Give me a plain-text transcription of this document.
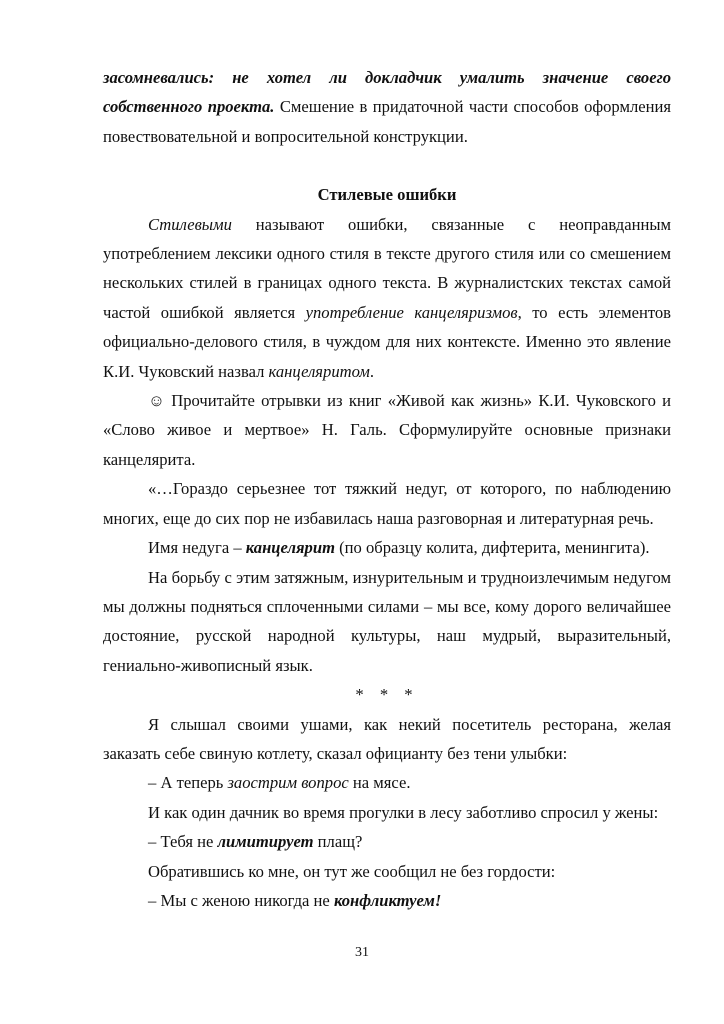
засомневались: не хотел ли докладчик умалить значение своего собственного проекта. Смешение в придаточной части способов оформления повествовательной и вопросительной конструкции.

Стилевые ошибки

Стилевыми называют ошибки, связанные с неоправданным употреблением лексики одного стиля в тексте другого стиля или со смешением нескольких стилей в границах одного текста. В журналистских текстах самой частой ошибкой является употребление канцеляризмов, то есть элементов официально-делового стиля, в чуждом для них контексте. Именно это явление К.И. Чуковский назвал канцеляритом.

☺ Прочитайте отрывки из книг «Живой как жизнь» К.И. Чуковского и «Слово живое и мертвое» Н. Галь. Сформулируйте основные признаки канцелярита.

«…Гораздо серьезнее тот тяжкий недуг, от которого, по наблюдению многих, еще до сих пор не избавилась наша разговорная и литературная речь.

Имя недуга – канцелярит (по образцу колита, дифтерита, менингита).

На борьбу с этим затяжным, изнурительным и трудноизлечимым недугом мы должны подняться сплоченными силами – мы все, кому дорого величайшее достояние, русской народной культуры, наш мудрый, выразительный, гениально-живописный язык.

* * *

Я слышал своими ушами, как некий посетитель ресторана, желая заказать себе свиную котлету, сказал официанту без тени улыбки:

– А теперь заострим вопрос на мясе.

И как один дачник во время прогулки в лесу заботливо спросил у жены:

– Тебя не лимитирует плащ?

Обратившись ко мне, он тут же сообщил не без гордости:

– Мы с женою никогда не конфликтуем!

31
